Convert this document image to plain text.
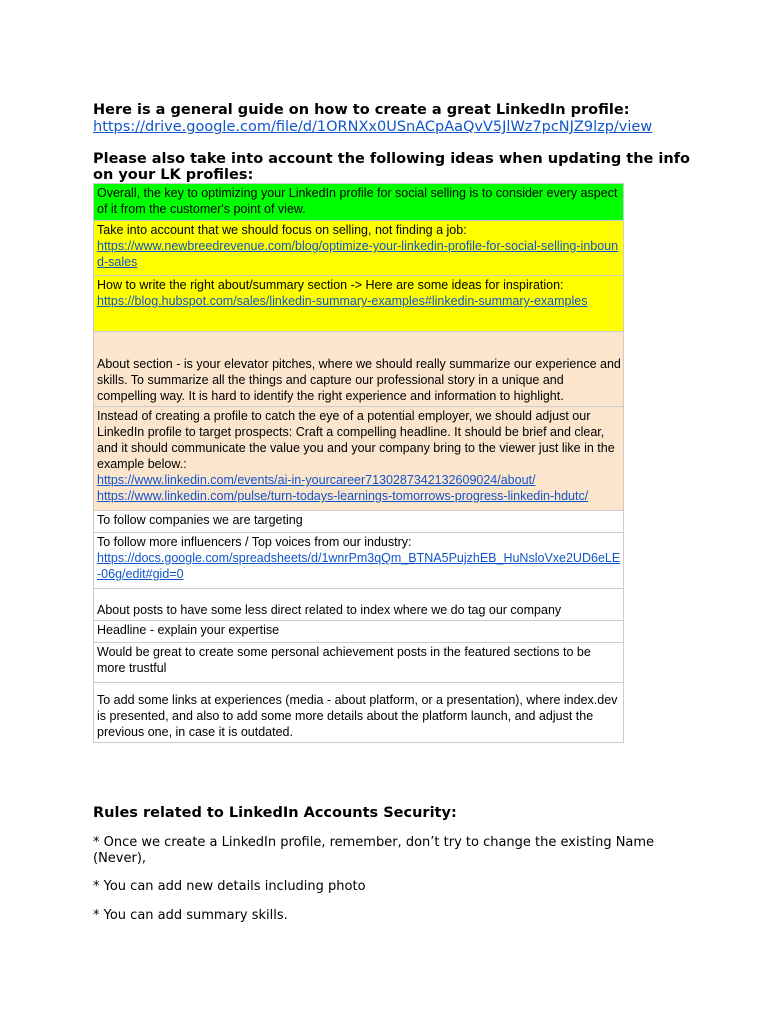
Here is a general guide on how to create a great LinkedIn profile:
https://drive.google.com/file/d/1ORNXx0USnACpAaQvV5JlWz7pcNJZ9lzp/view
Please also take into account the following ideas when updating the info
on your LK profiles:
Overall, the key to optimizing your LinkedIn profile for social selling is to consider every aspect of it from the customer's point of view.
Take into account that we should focus on selling, not finding a job:
https://www.newbreedrevenue.com/blog/optimize-your-linkedin-profile-for-social-selling-inbound-sales

How to write the right about/summary section -> Here are some ideas for inspiration:
https://blog.hubspot.com/sales/linkedin-summary-examples#linkedin-summary-examples

About section - is your elevator pitches, where we should really summarize our experience and skills. To summarize all the things and capture our professional story in a unique and compelling way. It is hard to identify the right experience and information to highlight.
Instead of creating a profile to catch the eye of a potential employer, we should adjust our LinkedIn profile to target prospects: Craft a compelling headline. It should be brief and clear, and it should communicate the value you and your company bring to the viewer just like in the example below.:
https://www.linkedin.com/events/ai-in-yourcareer7130287342132609024/about/
https://www.linkedin.com/pulse/turn-todays-learnings-tomorrows-progress-linkedin-hdutc/

To follow companies we are targeting
To follow more influencers / Top voices from our industry:
https://docs.google.com/spreadsheets/d/1wnrPm3qQm_BTNA5PujzhEB_HuNsloVxe2UD6eLE-06g/edit#gid=0

About posts to have some less direct related to index where we do tag our company
Headline - explain your expertise
Would be great to create some personal achievement posts in the featured sections to be more trustful
To add some links at experiences (media - about platform, or a presentation), where index.dev is presented, and also to add some more details about the platform launch, and adjust the previous one, in case it is outdated.
Rules related to LinkedIn Accounts Security:
* Once we create a LinkedIn profile, remember, don’t try to change the existing Name (Never),
* You can add new details including photo
* You can add summary skills.
